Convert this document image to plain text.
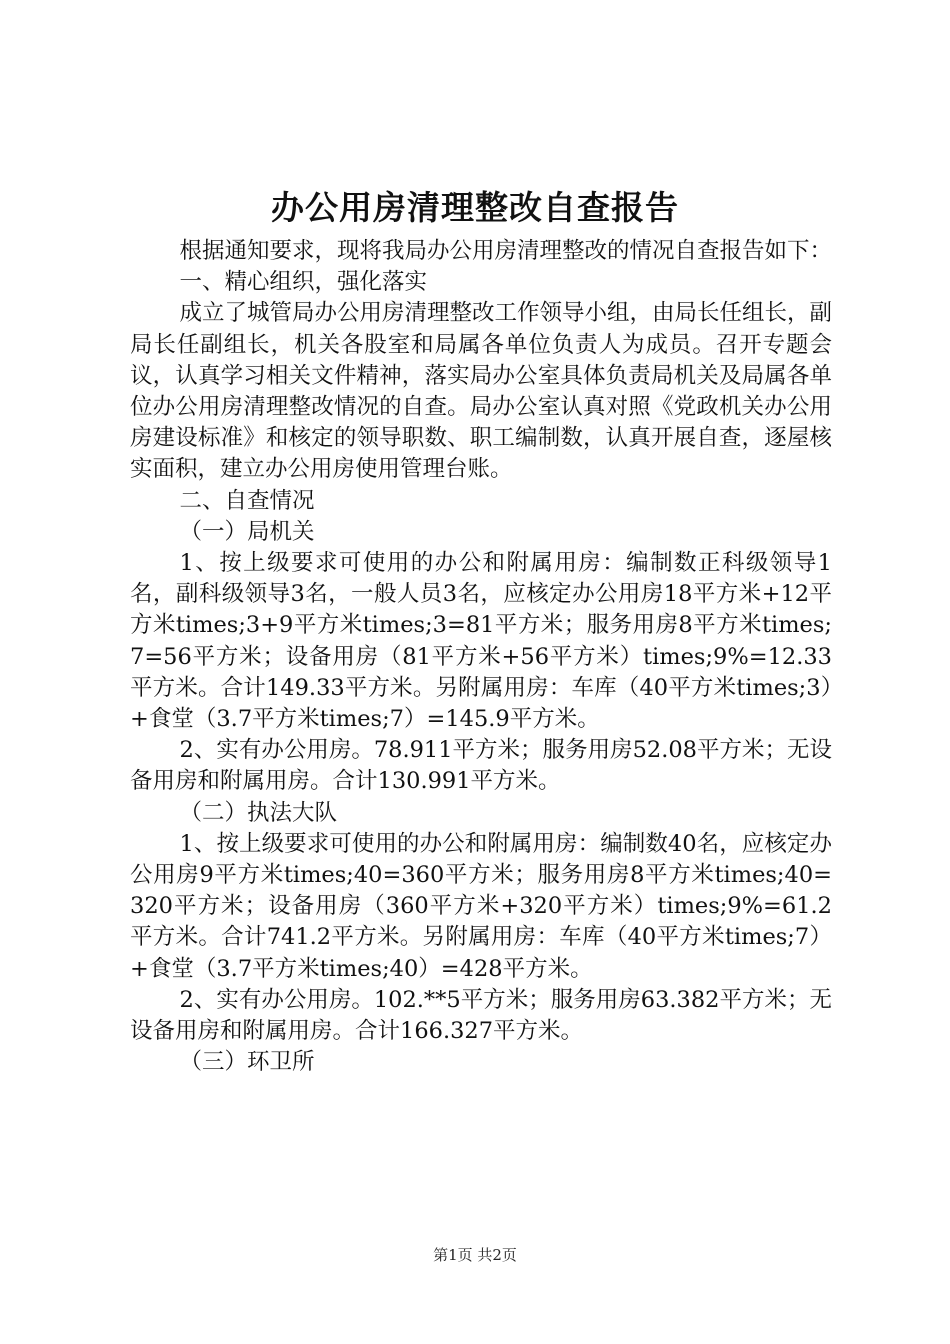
办公用房清理整改自查报告

根据通知要求，现将我局办公用房清理整改的情况自查报告如下：

一、精心组织，强化落实

成立了城管局办公用房清理整改工作领导小组，由局长任组长，副局长任副组长，机关各股室和局属各单位负责人为成员。召开专题会议，认真学习相关文件精神，落实局办公室具体负责局机关及局属各单位办公用房清理整改情况的自查。局办公室认真对照《党政机关办公用房建设标准》和核定的领导职数、职工编制数，认真开展自查，逐屋核实面积，建立办公用房使用管理台账。

二、自查情况

（一）局机关

1、按上级要求可使用的办公和附属用房：编制数正科级领导1名，副科级领导3名，一般人员3名，应核定办公用房18平方米+12平方米times;3+9平方米times;3=81平方米；服务用房8平方米times;7=56平方米；设备用房（81平方米+56平方米）times;9%=12.33平方米。合计149.33平方米。另附属用房：车库（40平方米times;3）+食堂（3.7平方米times;7）=145.9平方米。

2、实有办公用房。78.911平方米；服务用房52.08平方米；无设备用房和附属用房。合计130.991平方米。

（二）执法大队

1、按上级要求可使用的办公和附属用房：编制数40名，应核定办公用房9平方米times;40=360平方米；服务用房8平方米times;40=320平方米；设备用房（360平方米+320平方米）times;9%=61.2平方米。合计741.2平方米。另附属用房：车库（40平方米times;7）+食堂（3.7平方米times;40）=428平方米。

2、实有办公用房。102.**5平方米；服务用房63.382平方米；无设备用房和附属用房。合计166.327平方米。

（三）环卫所

第1页 共2页
